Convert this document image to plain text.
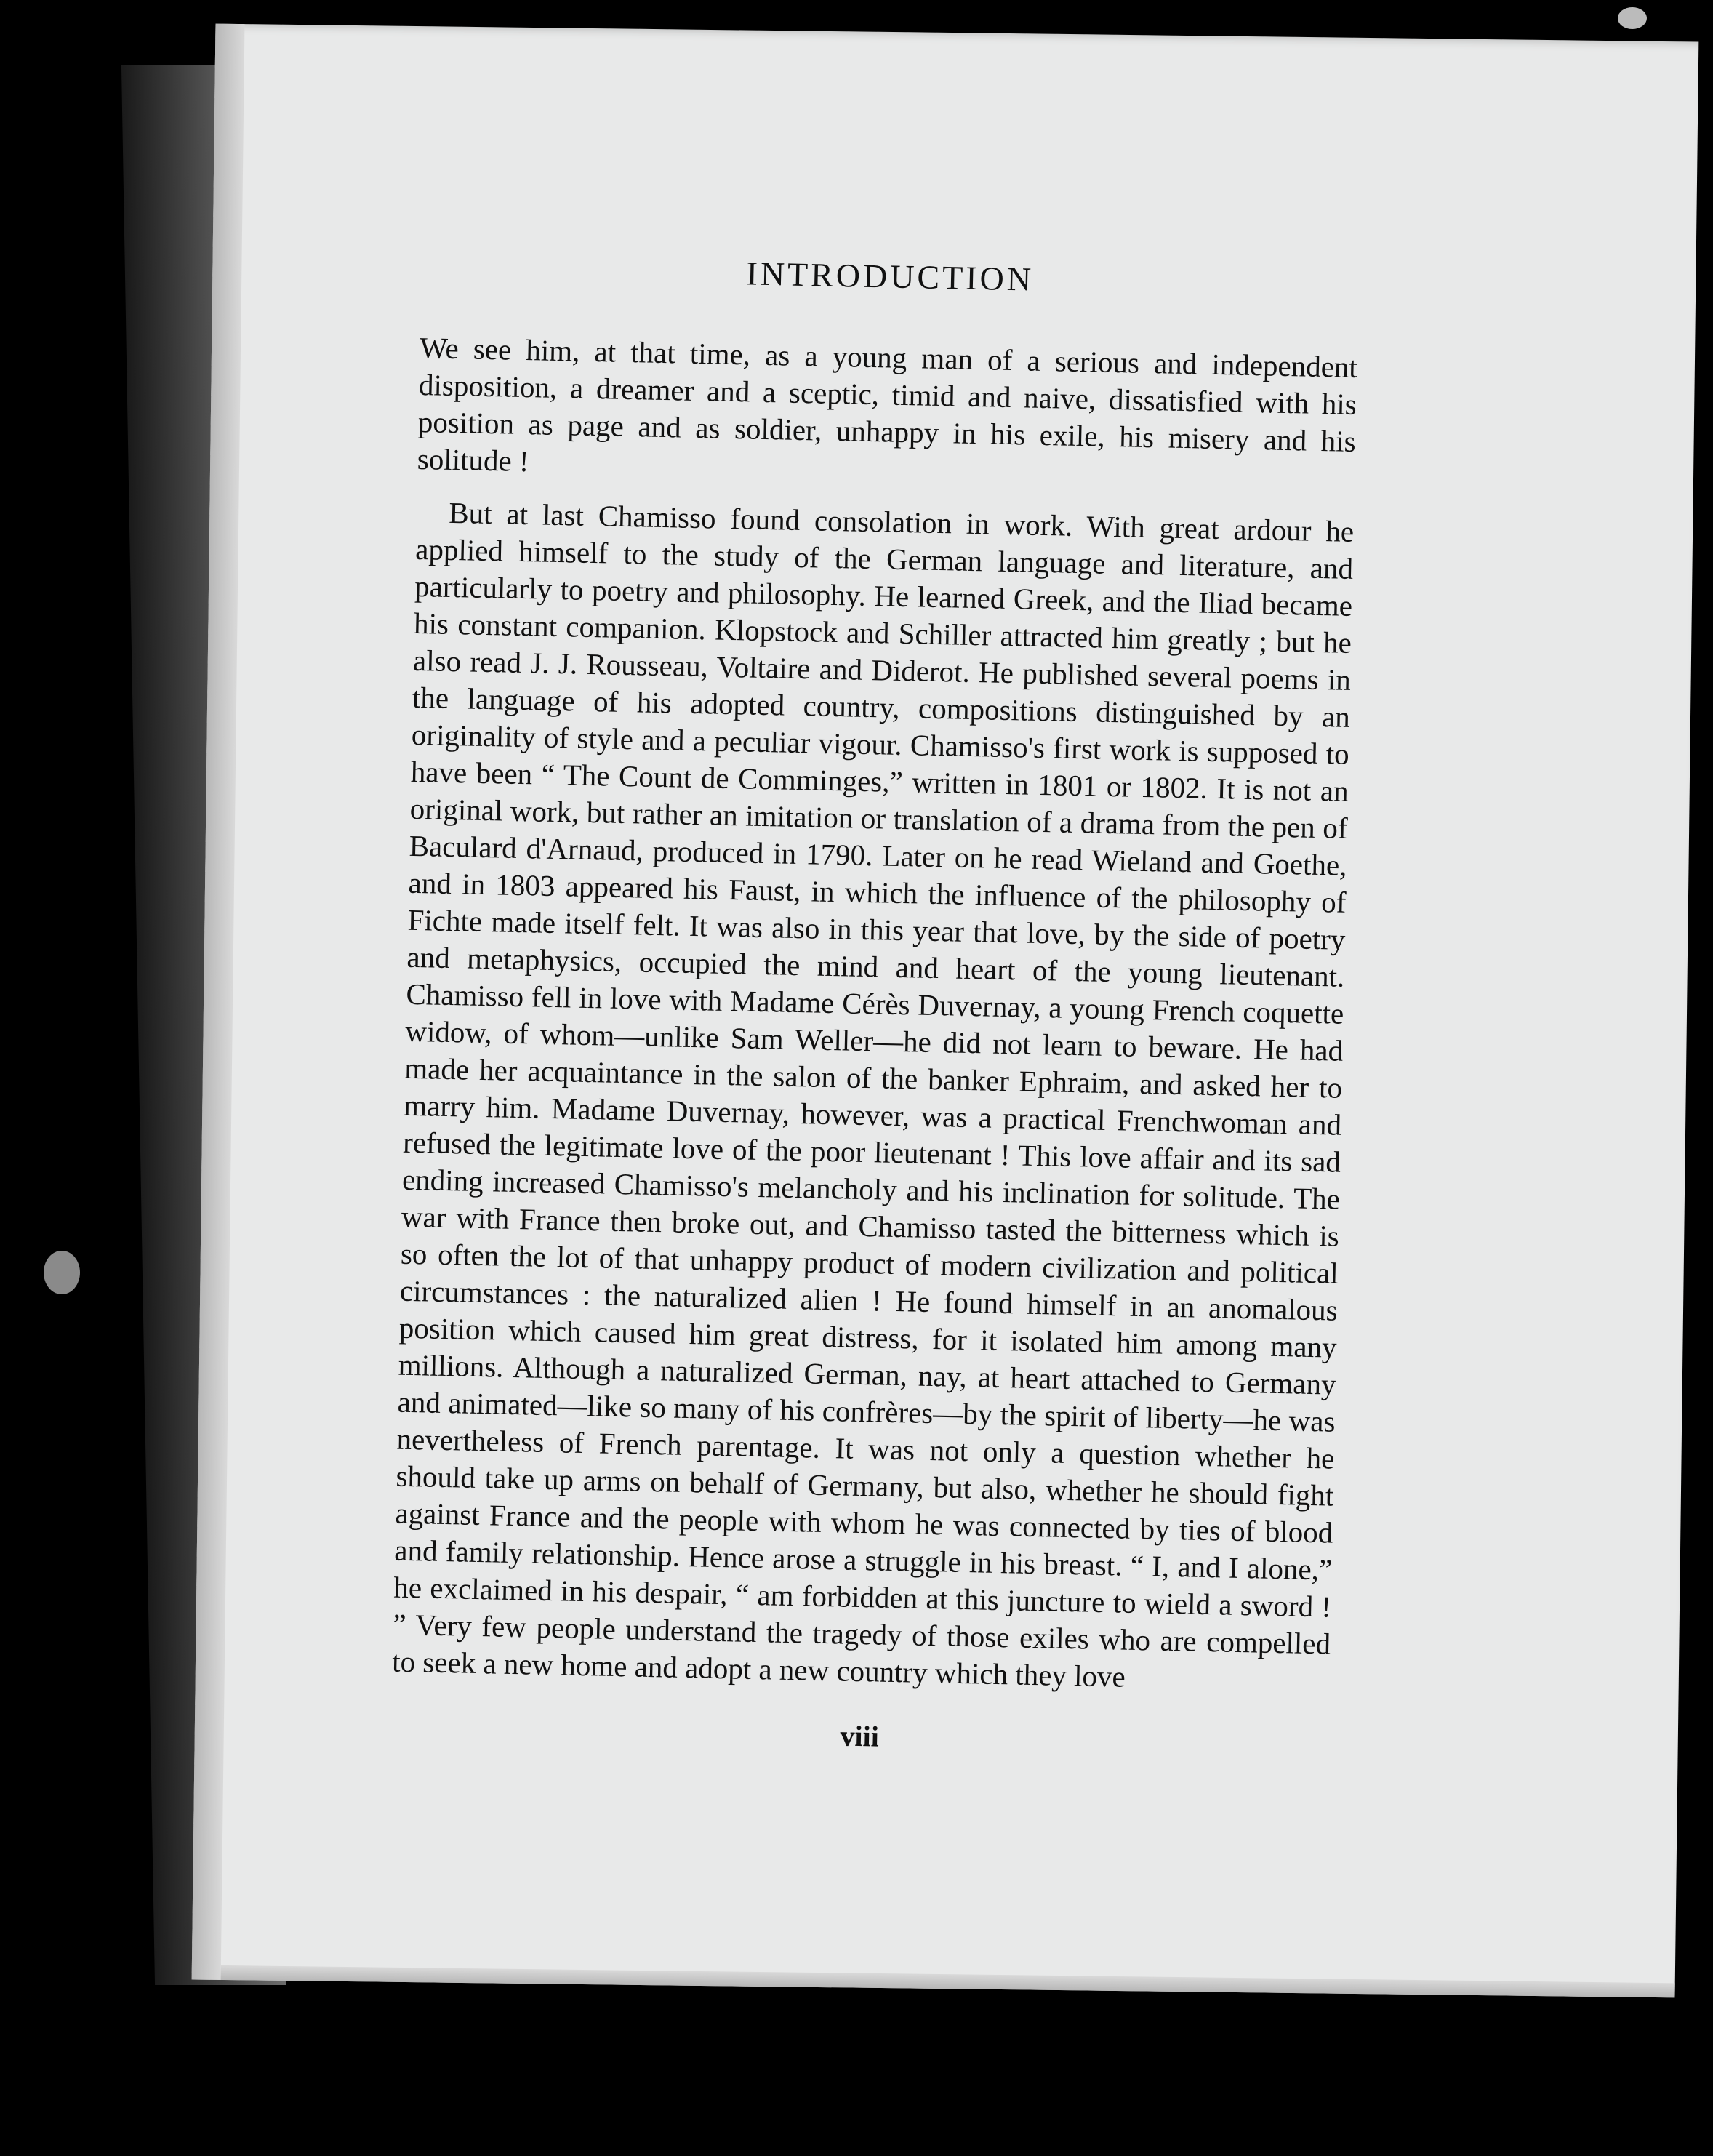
INTRODUCTION

We see him, at that time, as a young man of a serious and independent disposition, a dreamer and a sceptic, timid and naive, dissatisfied with his position as page and as soldier, unhappy in his exile, his misery and his solitude !

But at last Chamisso found consolation in work. With great ardour he applied himself to the study of the German language and literature, and particularly to poetry and philosophy. He learned Greek, and the Iliad became his constant companion. Klopstock and Schiller attracted him greatly ; but he also read J. J. Rousseau, Voltaire and Diderot. He published several poems in the language of his adopted country, compositions distinguished by an originality of style and a peculiar vigour. Chamisso's first work is supposed to have been “ The Count de Comminges,” written in 1801 or 1802. It is not an original work, but rather an imitation or translation of a drama from the pen of Baculard d'Arnaud, produced in 1790. Later on he read Wieland and Goethe, and in 1803 appeared his Faust, in which the influence of the philosophy of Fichte made itself felt. It was also in this year that love, by the side of poetry and metaphysics, occupied the mind and heart of the young lieutenant. Chamisso fell in love with Madame Cérès Duvernay, a young French coquette widow, of whom—unlike Sam Weller—he did not learn to beware. He had made her acquaintance in the salon of the banker Ephraim, and asked her to marry him. Madame Duvernay, however, was a practical Frenchwoman and refused the legitimate love of the poor lieutenant ! This love affair and its sad ending increased Chamisso's melancholy and his inclination for solitude. The war with France then broke out, and Chamisso tasted the bitterness which is so often the lot of that unhappy product of modern civilization and political circumstances : the naturalized alien ! He found himself in an anomalous position which caused him great distress, for it isolated him among many millions. Although a naturalized German, nay, at heart attached to Germany and animated—like so many of his confrères—by the spirit of liberty—he was nevertheless of French parentage. It was not only a question whether he should take up arms on behalf of Germany, but also, whether he should fight against France and the people with whom he was connected by ties of blood and family relationship. Hence arose a struggle in his breast. “ I, and I alone,” he exclaimed in his despair, “ am forbidden at this juncture to wield a sword ! ” Very few people understand the tragedy of those exiles who are compelled to seek a new home and adopt a new country which they love

viii
